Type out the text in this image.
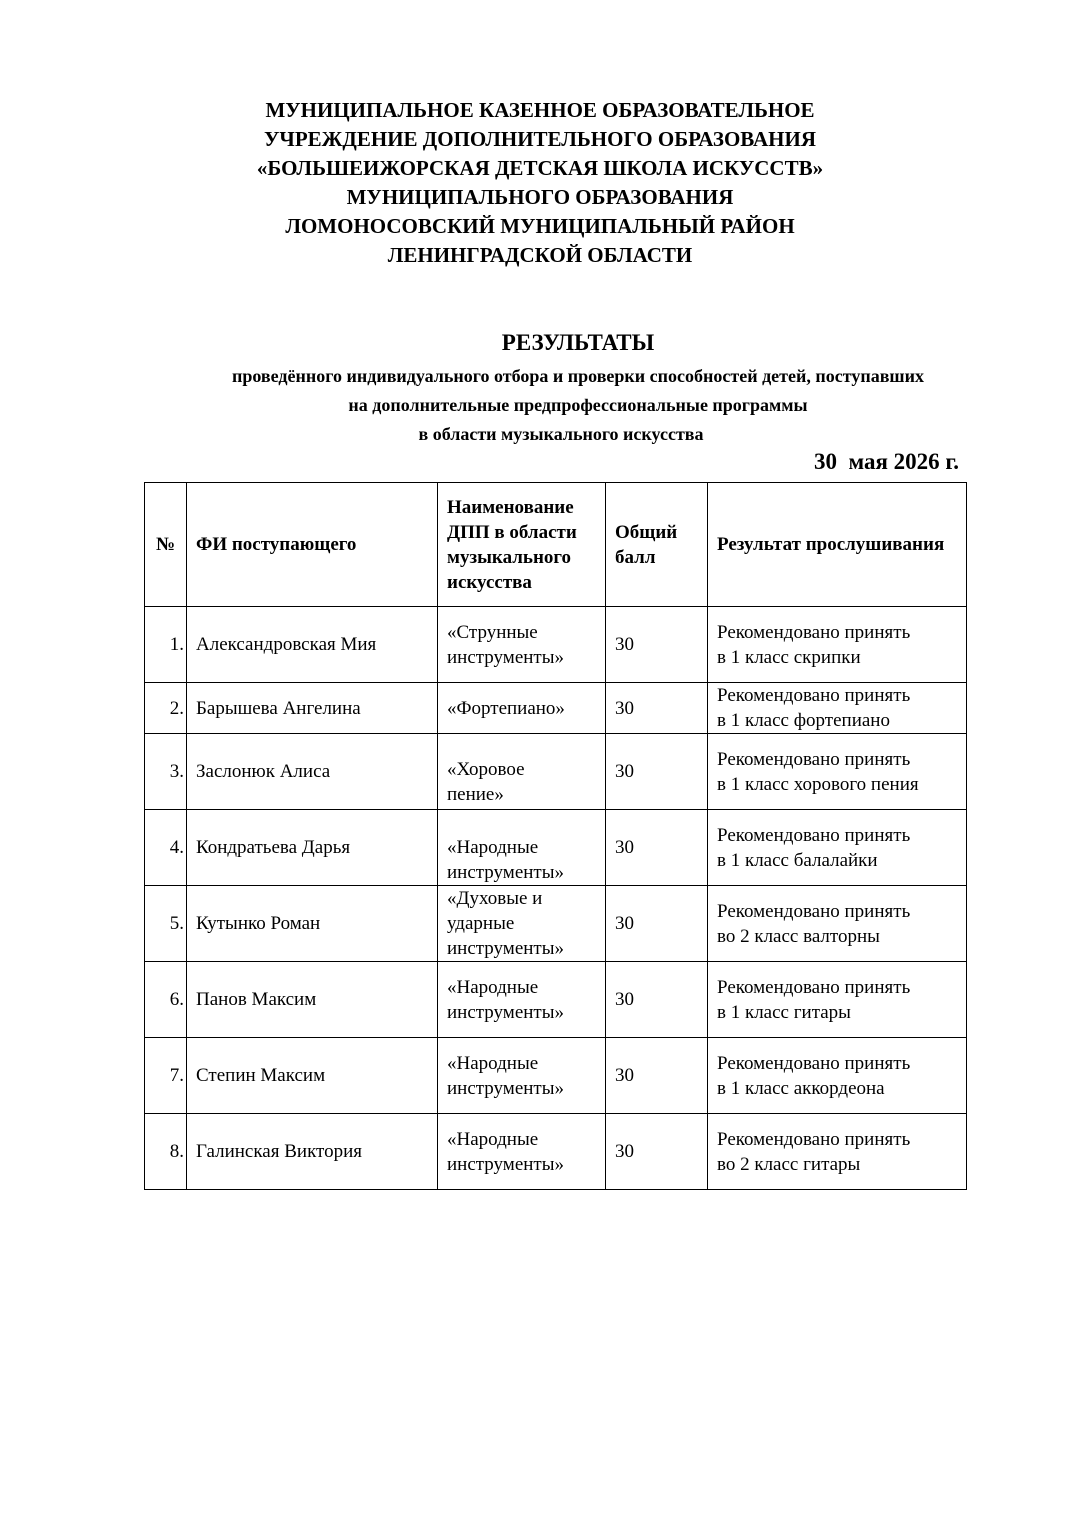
МУНИЦИПАЛЬНОЕ КАЗЕННОЕ ОБРАЗОВАТЕЛЬНОЕ
УЧРЕЖДЕНИЕ ДОПОЛНИТЕЛЬНОГО ОБРАЗОВАНИЯ
«БОЛЬШЕИЖОРСКАЯ ДЕТСКАЯ ШКОЛА ИСКУССТВ»
МУНИЦИПАЛЬНОГО ОБРАЗОВАНИЯ
ЛОМОНОСОВСКИЙ МУНИЦИПАЛЬНЫЙ РАЙОН
ЛЕНИНГРАДСКОЙ ОБЛАСТИ
РЕЗУЛЬТАТЫ
проведённого индивидуального отбора и проверки способностей детей, поступавших
на дополнительные предпрофессиональные программы
в области музыкального искусства
30  мая 2026 г.
№	ФИ поступающего	Наименование ДПП в области музыкального искусства	Общий балл	Результат прослушивания
1.	Александровская Мия	«Струнные
инструменты»	30	Рекомендовано принять
в 1 класс скрипки
2.	Барышева Ангелина	«Фортепиано»	30	Рекомендовано принять
в 1 класс фортепиано
3.	Заслонюк Алиса	«Хоровое
пение»	30	Рекомендовано принять
в 1 класс хорового пения
4.	Кондратьева Дарья	«Народные
инструменты»	30	Рекомендовано принять
в 1 класс балалайки
5.	Кутынко Роман	«Духовые и
ударные
инструменты»	30	Рекомендовано принять
во 2 класс валторны
6.	Панов Максим	«Народные
инструменты»	30	Рекомендовано принять
в 1 класс гитары
7.	Степин Максим	«Народные
инструменты»	30	Рекомендовано принять
в 1 класс аккордеона
8.	Галинская Виктория	«Народные
инструменты»	30	Рекомендовано принять
во 2 класс гитары
